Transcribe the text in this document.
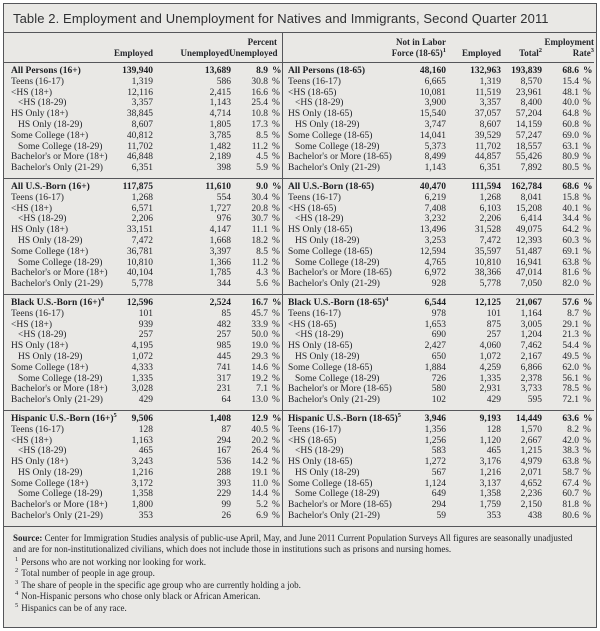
Table 2. Employment and Unemployment for Natives and Immigrants, Second Quarter 2011
Percent
Employed	Unemployed Unemployed
All Persons (16+)	139,940	13,689	8.9 %
Teens (16-17)	1,319	586	30.8 %
<HS (18+)	12,116	2,415	16.6 %
<HS (18-29)	3,357	1,143	25.4 %
HS Only (18+)	38,845	4,714	10.8 %
HS Only (18-29)	8,607	1,805	17.3 %
Some College (18+)	40,812	3,785	8.5 %
Some College (18-29)	11,702	1,482	11.2 %
Bachelor's or More (18+)	46,848	2,189	4.5 %
Bachelor's Only (21-29)	6,351	398	5.9 %
All U.S.-Born (16+)	117,875	11,610	9.0 %
Teens (16-17)	1,268	554	30.4 %
<HS (18+)	6,571	1,727	20.8 %
<HS (18-29)	2,206	976	30.7 %
HS Only (18+)	33,151	4,147	11.1 %
HS Only (18-29)	7,472	1,668	18.2 %
Some College (18+)	36,781	3,397	8.5 %
Some College (18-29)	10,810	1,366	11.2 %
Bachelor's or More (18+)	40,104	1,785	4.3 %
Bachelor's Only (21-29)	5,778	344	5.6 %
Black U.S.-Born $(16+)^4$	12,596	2,524	16.7 %
Teens (16-17)	101	85	45.7 %
<HS (18+)	939	482	33.9 %
<HS (18-29)	257	257	50.0 %
HS Only (18+)	4,195	985	19.0 %
HS Only (18-29)	1,072	445	29.3 %
Some College (18+)	4,333	741	14.6 %
Some College (18-29)	1,335	317	19.2 %
Bachelor's or More (18+)	3,028	231	7.1 %
Bachelor's Only (21-29)	429	64	13.0 %
Hispanic U.S.-Born $(16+)^5$	9,506	1,408	12.9 %
Teens (16-17)	128	87	40.5 %
<HS (18+)	1,163	294	20.2 %
<HS (18-29)	465	167	26.4 %
HS Only (18+)	3,243	536	14.2 %
HS Only (18-29)	1,216	288	19.1 %
Some College (18+)	3,172	393	11.0 %
Some College (18-29)	1,358	229	14.4 %
Bachelor's or More (18+)	1,800	99	5.2 %
Bachelor's Only (21-29)	353	26	6.9 %
Not in Labor	Employment
Force $(18-65)^1$	Employed	Total$^2$	Rate$^3$
All Persons (18-65)	48,160	132,963	193,839	68.6 %
Teens (16-17)	6,665	1,319	8,570	15.4 %
<HS (18-65)	10,081	11,519	23,961	48.1 %
<HS (18-29)	3,900	3,357	8,400	40.0 %
HS Only (18-65)	15,540	37,057	57,204	64.8 %
HS Only (18-29)	3,747	8,607	14,159	60.8 %
Some College (18-65)	14,041	39,529	57,247	69.0 %
Some College (18-29)	5,373	11,702	18,557	63.1 %
Bachelor's or More (18-65)	8,499	44,857	55,426	80.9 %
Bachelor's Only (21-29)	1,143	6,351	7,892	80.5 %
All U.S.-Born (18-65)	40,470	111,594	162,784	68.6 %
Teens (16-17)	6,219	1,268	8,041	15.8 %
<HS (18-65)	7,408	6,103	15,208	40.1 %
<HS (18-29)	3,232	2,206	6,414	34.4 %
HS Only (18-65)	13,496	31,528	49,075	64.2 %
HS Only (18-29)	3,253	7,472	12,393	60.3 %
Some College (18-65)	12,594	35,597	51,487	69.1 %
Some College (18-29)	4,765	10,810	16,941	63.8 %
Bachelor's or More (18-65)	6,972	38,366	47,014	81.6 %
Bachelor's Only (21-29)	928	5,778	7,050	82.0 %
Black U.S.-Born $(18-65)^4$	6,544	12,125	21,067	57.6 %
Teens (16-17)	978	101	1,164	8.7 %
<HS (18-65)	1,653	875	3,005	29.1 %
<HS (18-29)	690	257	1,204	21.3 %
HS Only (18-65)	2,427	4,060	7,462	54.4 %
HS Only (18-29)	650	1,072	2,167	49.5 %
Some College (18-65)	1,884	4,259	6,866	62.0 %
Some College (18-29)	726	1,335	2,378	56.1 %
Bachelor's or More (18-65)	580	2,931	3,733	78.5 %
Bachelor's Only (21-29)	102	429	595	72.1 %
Hispanic U.S.-Born $(18-65)^5$	3,946	9,193	14,449	63.6 %
Teens (16-17)	1,356	128	1,570	8.2 %
<HS (18-65)	1,256	1,120	2,667	42.0 %
<HS (18-29)	583	465	1,215	38.3 %
HS Only (18-65)	1,272	3,176	4,979	63.8 %
HS Only (18-29)	567	1,216	2,071	58.7 %
Some College (18-65)	1,124	3,137	4,652	67.4 %
Some College (18-29)	649	1,358	2,236	60.7 %
Bachelor's or More (18-65)	294	1,759	2,150	81.8 %
Bachelor's Only (21-29)	59	353	438	80.6 %

Source: Center for Immigration Studies analysis of public-use April, May, and June 2011 Current Population Surveys All figures are seasonally unadjusted and are for non-institutionalized civilians, which does not include those in institutions such as prisons and nursing homes.

$^1$ Persons who are not working nor looking for work.
$^2$ Total number of people in age group.
$^3$ The share of people in the specific age group who are currently holding a job.
$^4$ Non-Hispanic persons who chose only black or African American.
$^5$ Hispanics can be of any race.
